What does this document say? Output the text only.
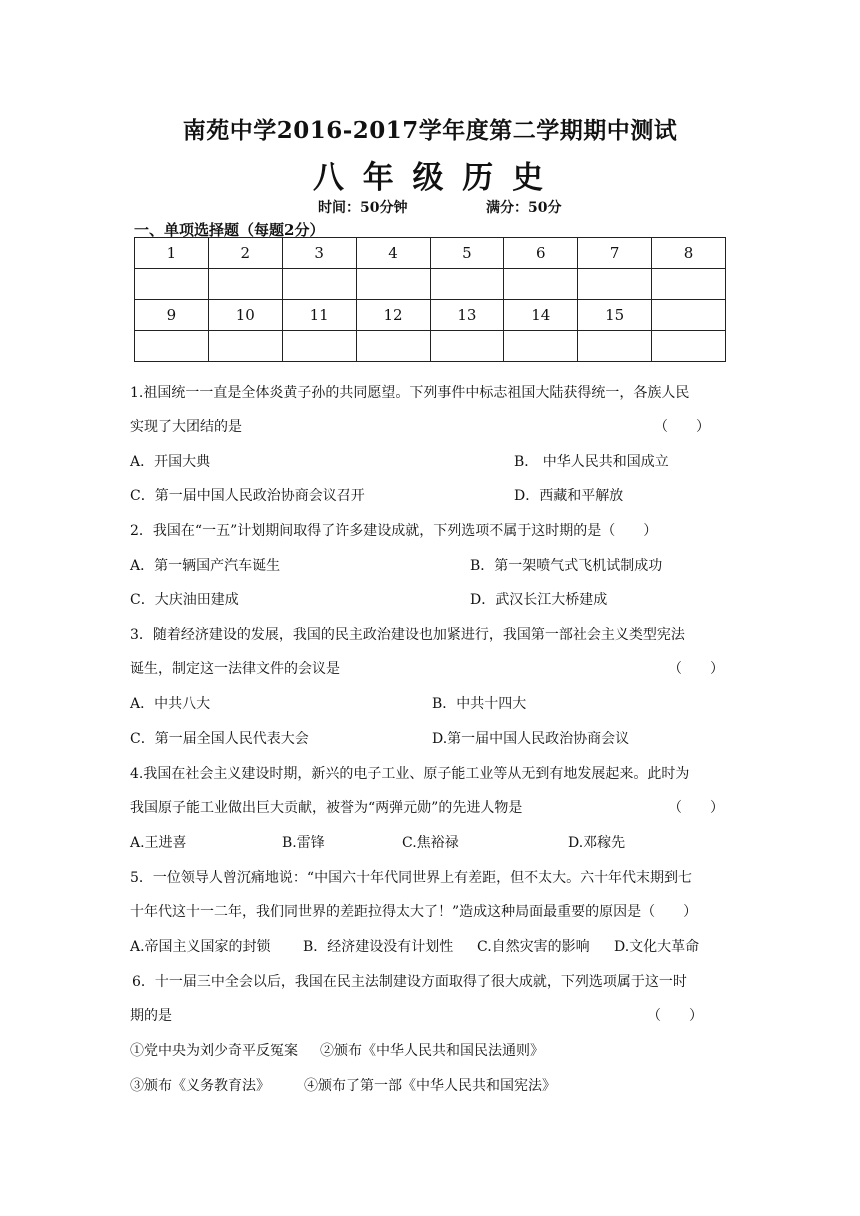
南苑中学2016-2017学年度第二学期期中测试
八 年 级 历 史
时间：50分钟	满分：50分
一、单项选择题（每题2分）
1	2	3	4	5	6	7	8

9	10	11	12	13	14	15	

1.祖国统一一直是全体炎黄子孙的共同愿望。下列事件中标志祖国大陆获得统一，各族人民
实现了大团结的是	（　　）
A．开国大典	B． 中华人民共和国成立
C．第一届中国人民政治协商会议召开	D．西藏和平解放
2．我国在“一五”计划期间取得了许多建设成就，下列选项不属于这时期的是（　　）
A．第一辆国产汽车诞生	B．第一架喷气式飞机试制成功
C．大庆油田建成	D．武汉长江大桥建成
3．随着经济建设的发展，我国的民主政治建设也加紧进行，我国第一部社会主义类型宪法
诞生，制定这一法律文件的会议是	（　　）
A．中共八大	B．中共十四大
C．第一届全国人民代表大会	D.第一届中国人民政治协商会议
4.我国在社会主义建设时期，新兴的电子工业、原子能工业等从无到有地发展起来。此时为
我国原子能工业做出巨大贡献，被誉为“两弹元勋”的先进人物是	（　　）
A.王进喜	B.雷锋	C.焦裕禄	D.邓稼先
5．一位领导人曾沉痛地说：“中国六十年代同世界上有差距，但不太大。六十年代末期到七
十年代这十一二年，我们同世界的差距拉得太大了！”造成这种局面最重要的原因是（　　）
A.帝国主义国家的封锁 B．经济建设没有计划性 C.自然灾害的影响 D.文化大革命
6．十一届三中全会以后，我国在民主法制建设方面取得了很大成就，下列选项属于这一时
期的是	（　　）
①党中央为刘少奇平反冤案 ②颁布《中华人民共和国民法通则》
③颁布《义务教育法》 ④颁布了第一部《中华人民共和国宪法》
